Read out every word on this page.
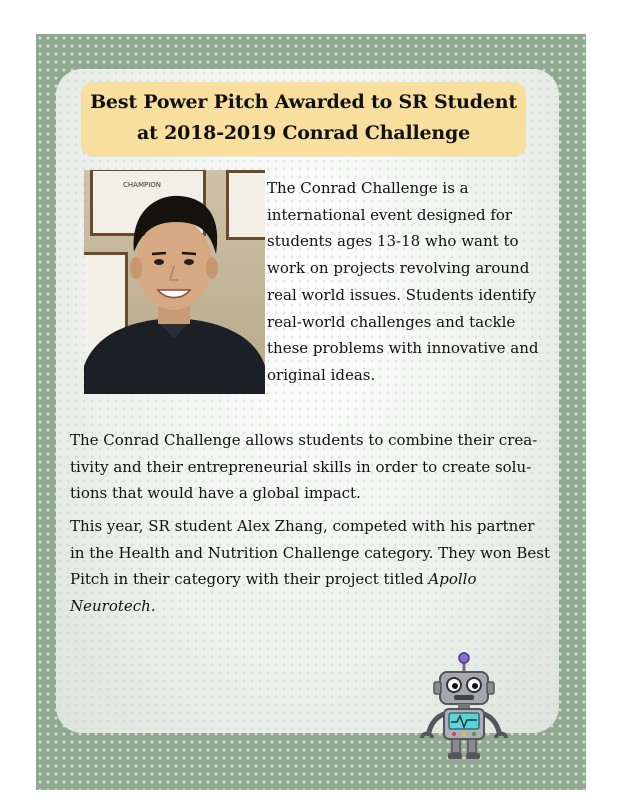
Best Power Pitch Awarded to SR Student
at 2018-2019 Conrad Challenge
CHAMPION	The Conrad Challenge is a international event designed for students ages 13-18 who want to work on projects revolving around real world issues. Students identify real-world challenges and tackle these problems with innovative and original ideas.

The Conrad Challenge allows students to combine their crea-tivity and their entrepreneurial skills in order to create solu-tions that would have a global impact.

This year, SR student Alex Zhang, competed with his partner in the Health and Nutrition Challenge category. They won Best Pitch in their category with their project titled Apollo Neurotech.
